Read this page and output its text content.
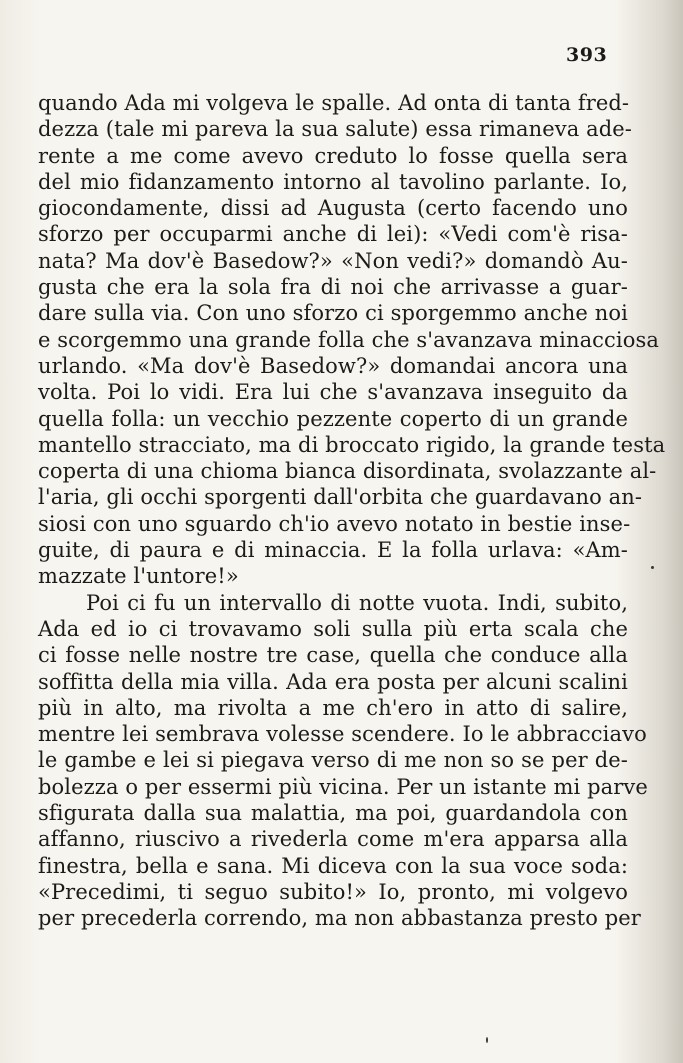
393
quando Ada mi volgeva le spalle. Ad onta di tanta fred-
dezza (tale mi pareva la sua salute) essa rimaneva ade-
rente a me come avevo creduto lo fosse quella sera
del mio fidanzamento intorno al tavolino parlante. Io,
giocondamente, dissi ad Augusta (certo facendo uno
sforzo per occuparmi anche di lei): «Vedi com'è risa-
nata? Ma dov'è Basedow?» «Non vedi?» domandò Au-
gusta che era la sola fra di noi che arrivasse a guar-
dare sulla via. Con uno sforzo ci sporgemmo anche noi
e scorgemmo una grande folla che s'avanzava minacciosa
urlando. «Ma dov'è Basedow?» domandai ancora una
volta. Poi lo vidi. Era lui che s'avanzava inseguito da
quella folla: un vecchio pezzente coperto di un grande
mantello stracciato, ma di broccato rigido, la grande testa
coperta di una chioma bianca disordinata, svolazzante al-
l'aria, gli occhi sporgenti dall'orbita che guardavano an-
siosi con uno sguardo ch'io avevo notato in bestie inse-
guite, di paura e di minaccia. E la folla urlava: «Am-
mazzate l'untore!»
Poi ci fu un intervallo di notte vuota. Indi, subito,
Ada ed io ci trovavamo soli sulla più erta scala che
ci fosse nelle nostre tre case, quella che conduce alla
soffitta della mia villa. Ada era posta per alcuni scalini
più in alto, ma rivolta a me ch'ero in atto di salire,
mentre lei sembrava volesse scendere. Io le abbracciavo
le gambe e lei si piegava verso di me non so se per de-
bolezza o per essermi più vicina. Per un istante mi parve
sfigurata dalla sua malattia, ma poi, guardandola con
affanno, riuscivo a rivederla come m'era apparsa alla
finestra, bella e sana. Mi diceva con la sua voce soda:
«Precedimi, ti seguo subito!» Io, pronto, mi volgevo
per precederla correndo, ma non abbastanza presto per
